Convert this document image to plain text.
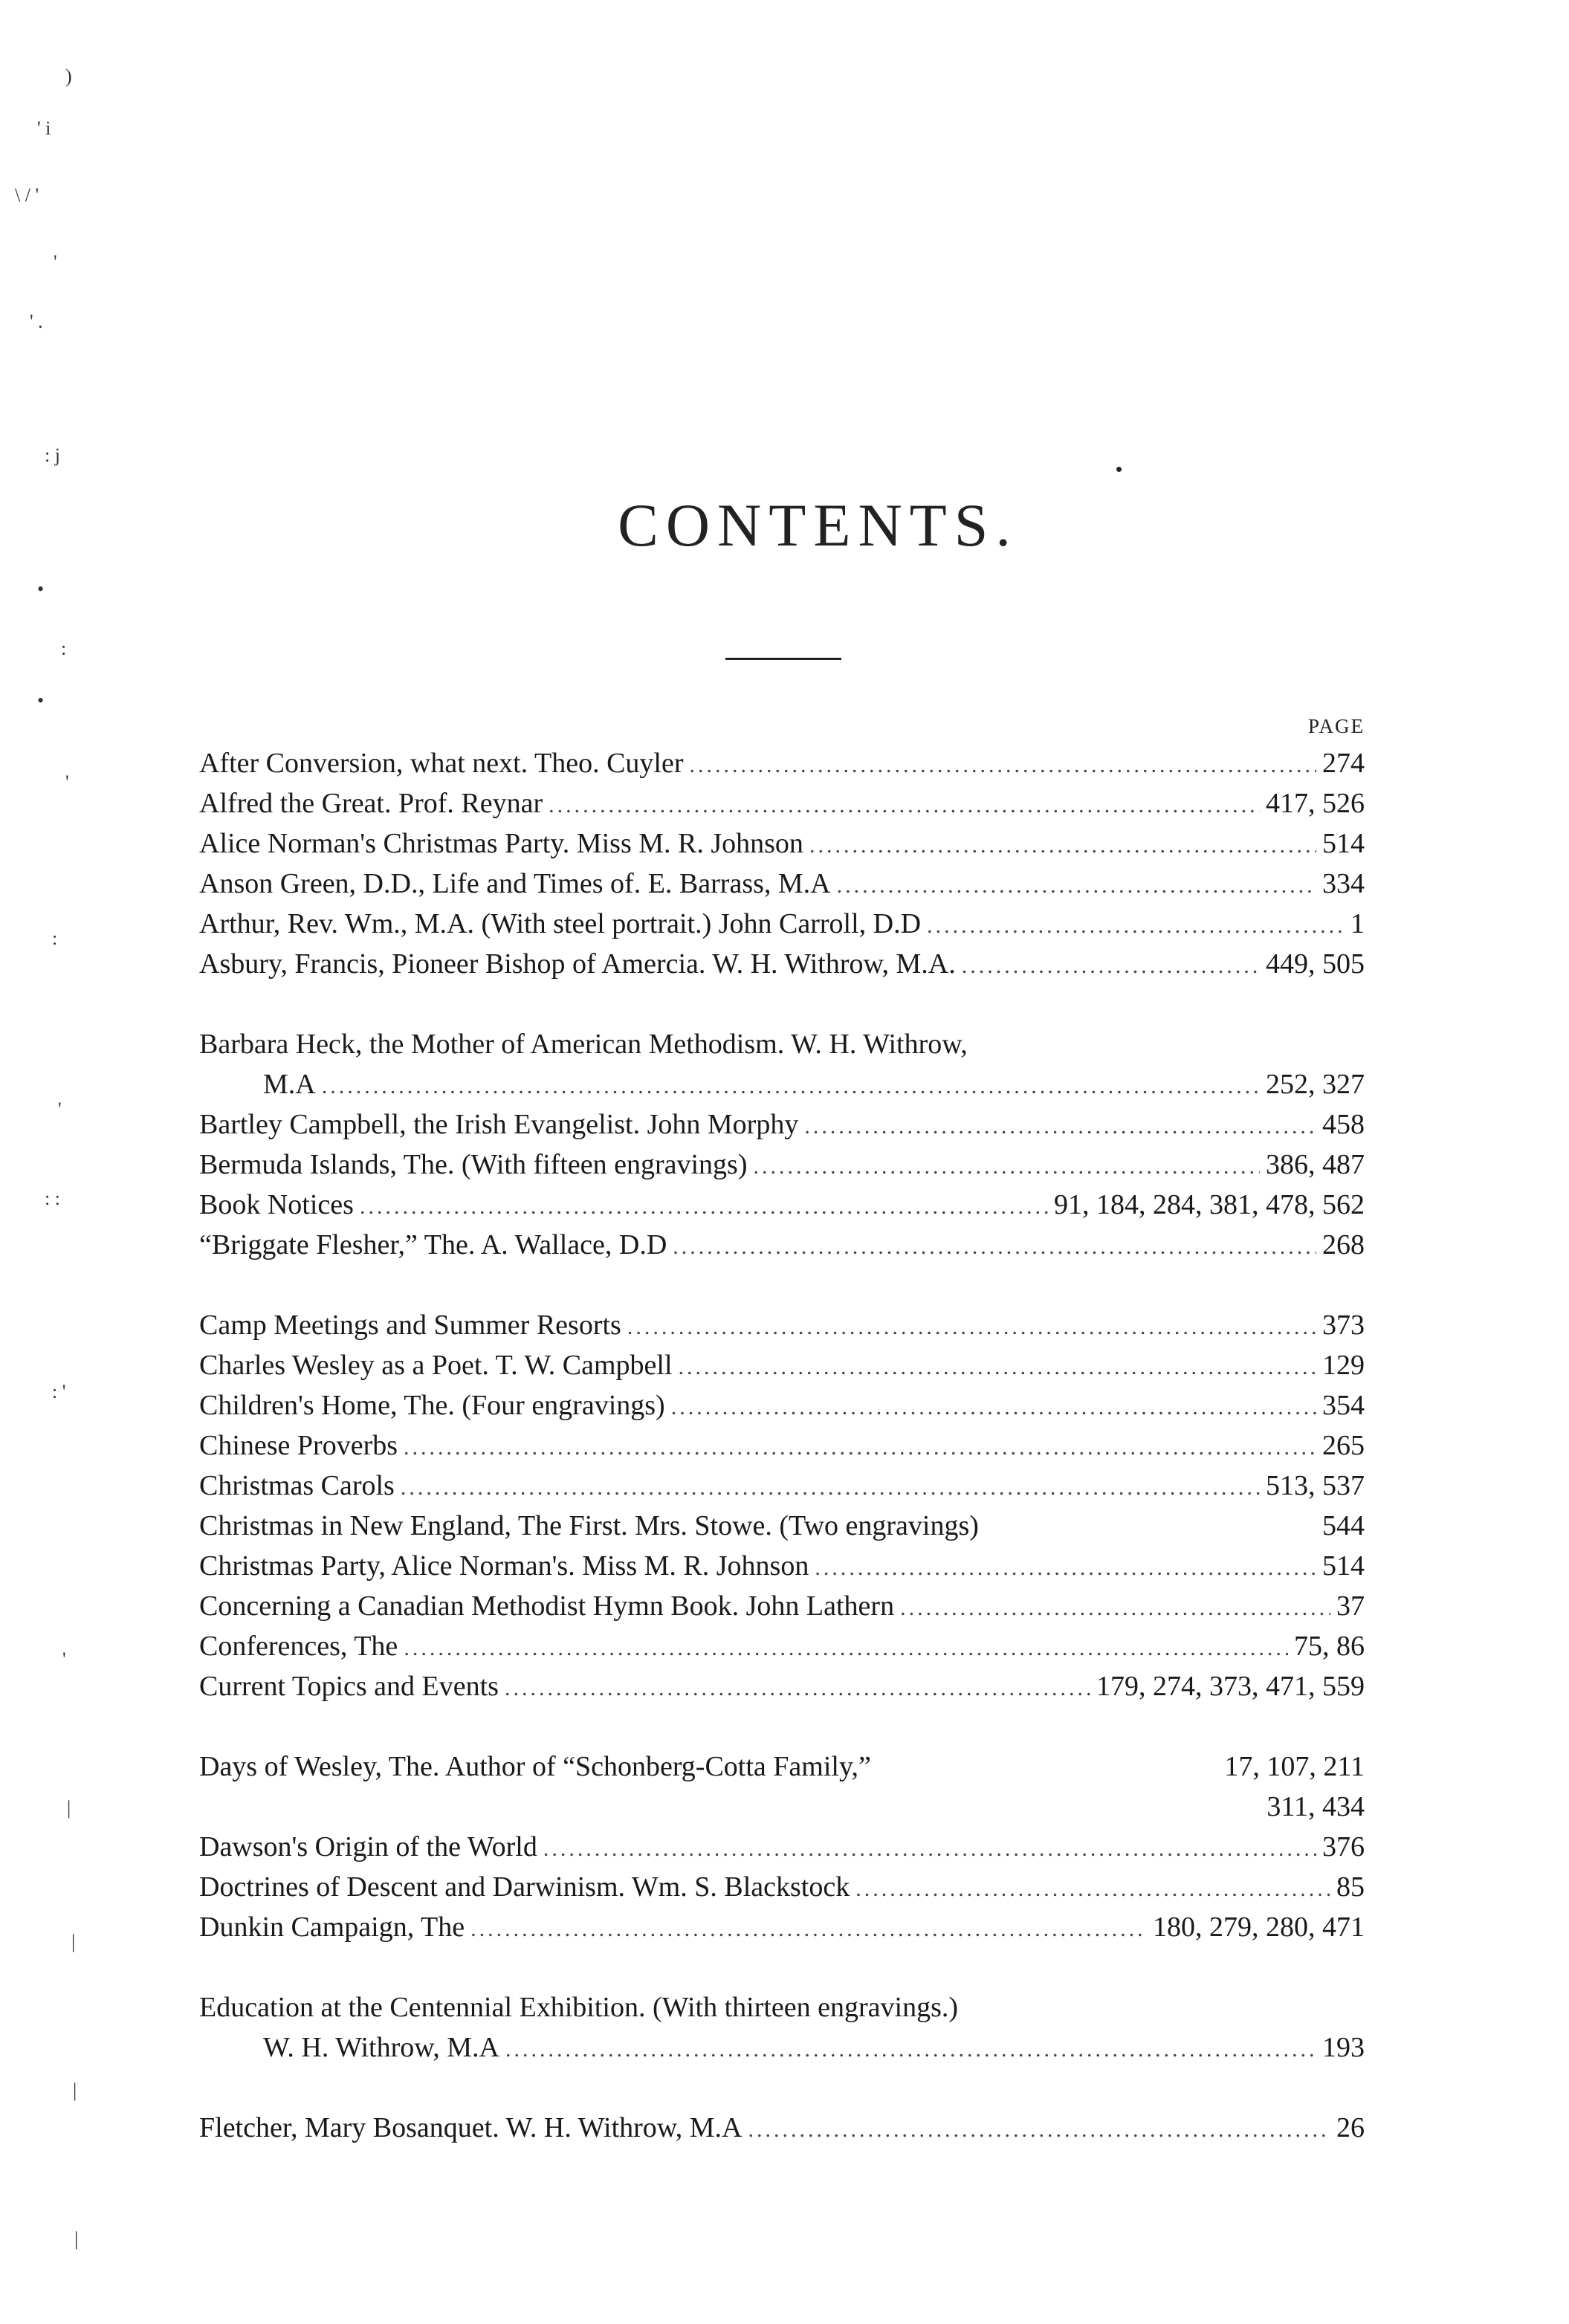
)
' i
\ / '
'
' .
: j
•
:
•
'
:
'
: :
: '
'
|
|
|
|
CONTENTS.
PAGE
After Conversion, what next. Theo. Cuyler .....	274
Alfred the Great. Prof. Reynar .....	417, 526
Alice Norman's Christmas Party. Miss M. R. Johnson .....	514
Anson Green, D.D., Life and Times of. E. Barrass, M.A .....	334
Arthur, Rev. Wm., M.A. (With steel portrait.) John Carroll, D.D .....	1
Asbury, Francis, Pioneer Bishop of Amercia. W. H. Withrow, M.A. .....	449, 505
Barbara Heck, the Mother of American Methodism. W. H. Withrow,
M.A .....	252, 327
Bartley Campbell, the Irish Evangelist. John Morphy .....	458
Bermuda Islands, The. (With fifteen engravings) .....	386, 487
Book Notices .....	91, 184, 284, 381, 478, 562
“Briggate Flesher,” The. A. Wallace, D.D .....	268
Camp Meetings and Summer Resorts .....	373
Charles Wesley as a Poet. T. W. Campbell .....	129
Children's Home, The. (Four engravings) .....	354
Chinese Proverbs .....	265
Christmas Carols .....	513, 537
Christmas in New England, The First. Mrs. Stowe. (Two engravings)	544
Christmas Party, Alice Norman's. Miss M. R. Johnson .....	514
Concerning a Canadian Methodist Hymn Book. John Lathern .....	37
Conferences, The .....	75, 86
Current Topics and Events .....	179, 274, 373, 471, 559
Days of Wesley, The. Author of “Schonberg-Cotta Family,”	17, 107, 211
311, 434
Dawson's Origin of the World .....	376
Doctrines of Descent and Darwinism. Wm. S. Blackstock .....	85
Dunkin Campaign, The .....	180, 279, 280, 471
Education at the Centennial Exhibition. (With thirteen engravings.)
W. H. Withrow, M.A .....	193
Fletcher, Mary Bosanquet. W. H. Withrow, M.A .....	26
